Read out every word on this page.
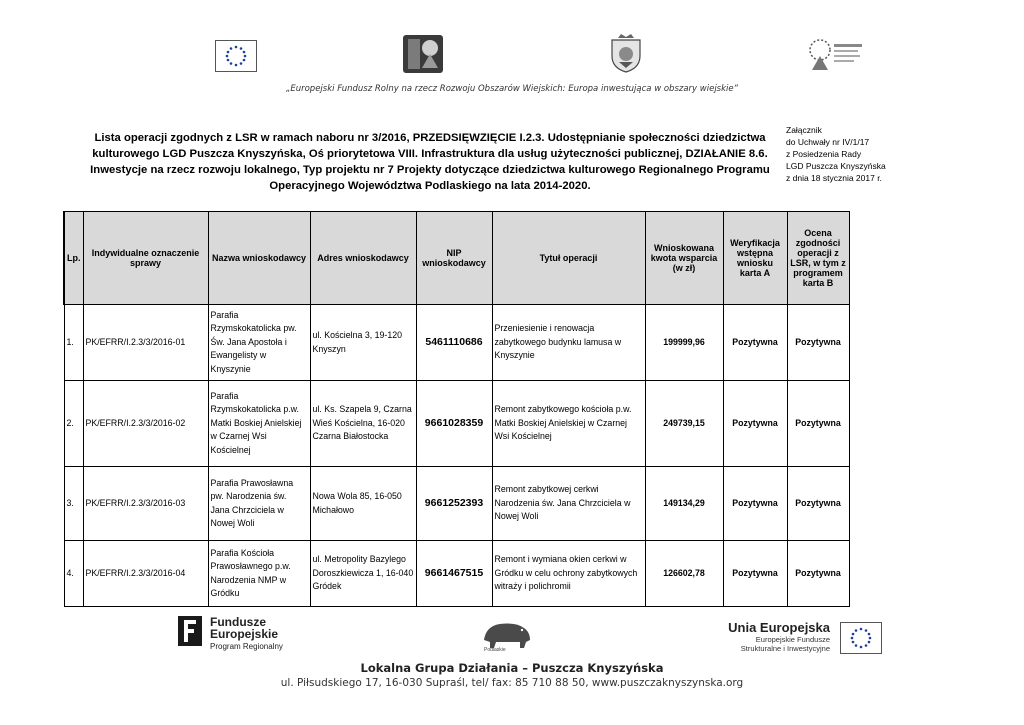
„Europejski Fundusz Rolny na rzecz Rozwoju Obszarów Wiejskich: Europa inwestująca w obszary wiejskie”
Lista operacji zgodnych z LSR w ramach naboru nr 3/2016, PRZEDSIĘWZIĘCIE I.2.3. Udostępnianie społeczności dziedzictwa kulturowego LGD Puszcza Knyszyńska, Oś priorytetowa VIII. Infrastruktura dla usług użyteczności publicznej, DZIAŁANIE 8.6. Inwestycje na rzecz rozwoju lokalnego, Typ projektu nr 7 Projekty dotyczące dziedzictwa kulturowego Regionalnego Programu Operacyjnego Województwa Podlaskiego na lata 2014-2020.
Załącznik
do Uchwały nr IV/1/17
z Posiedzenia Rady
LGD Puszcza Knyszyńska
z dnia 18 stycznia 2017 r.
Lp.	Indywidualne oznaczenie sprawy	Nazwa wnioskodawcy	Adres wnioskodawcy	NIP wnioskodawcy	Tytuł operacji	Wnioskowana kwota wsparcia (w zł)	Weryfikacja wstępna wniosku karta A	Ocena zgodności operacji z LSR, w tym z programem karta B
1.	PK/EFRR/I.2.3/3/2016-01	Parafia Rzymskokatolicka pw. Św. Jana Apostoła i Ewangelisty w Knyszynie	ul. Kościelna 3, 19-120 Knyszyn	5461110686	Przeniesienie i renowacja zabytkowego budynku lamusa w Knyszynie	199999,96	Pozytywna	Pozytywna
2.	PK/EFRR/I.2.3/3/2016-02	Parafia Rzymskokatolicka p.w. Matki Boskiej Anielskiej w Czarnej Wsi Kościelnej	ul. Ks. Szapela 9, Czarna Wieś Kościelna, 16-020 Czarna Białostocka	9661028359	Remont zabytkowego kościoła p.w. Matki Boskiej Anielskiej w Czarnej Wsi Kościelnej	249739,15	Pozytywna	Pozytywna
3.	PK/EFRR/I.2.3/3/2016-03	Parafia Prawosławna pw. Narodzenia św. Jana Chrzciciela w Nowej Woli	Nowa Wola 85, 16-050 Michałowo	9661252393	Remont zabytkowej cerkwi Narodzenia św. Jana Chrzciciela w Nowej Woli	149134,29	Pozytywna	Pozytywna
4.	PK/EFRR/I.2.3/3/2016-04	Parafia Kościoła Prawosławnego p.w. Narodzenia NMP w Gródku	ul. Metropolity Bazylego Doroszkiewicza 1, 16-040 Gródek	9661467515	Remont i wymiana okien cerkwi w Gródku w celu ochrony zabytkowych witraży i polichromii	126602,78	Pozytywna	Pozytywna
Fundusze
Europejskie
Program Regionalny	Podlaskie
Unia Europejska
Europejskie Fundusze
Strukturalne i Inwestycyjne
Lokalna Grupa Działania – Puszcza Knyszyńska
ul. Piłsudskiego 17, 16-030 Supraśl, tel/ fax: 85 710 88 50, www.puszczaknyszynska.org
